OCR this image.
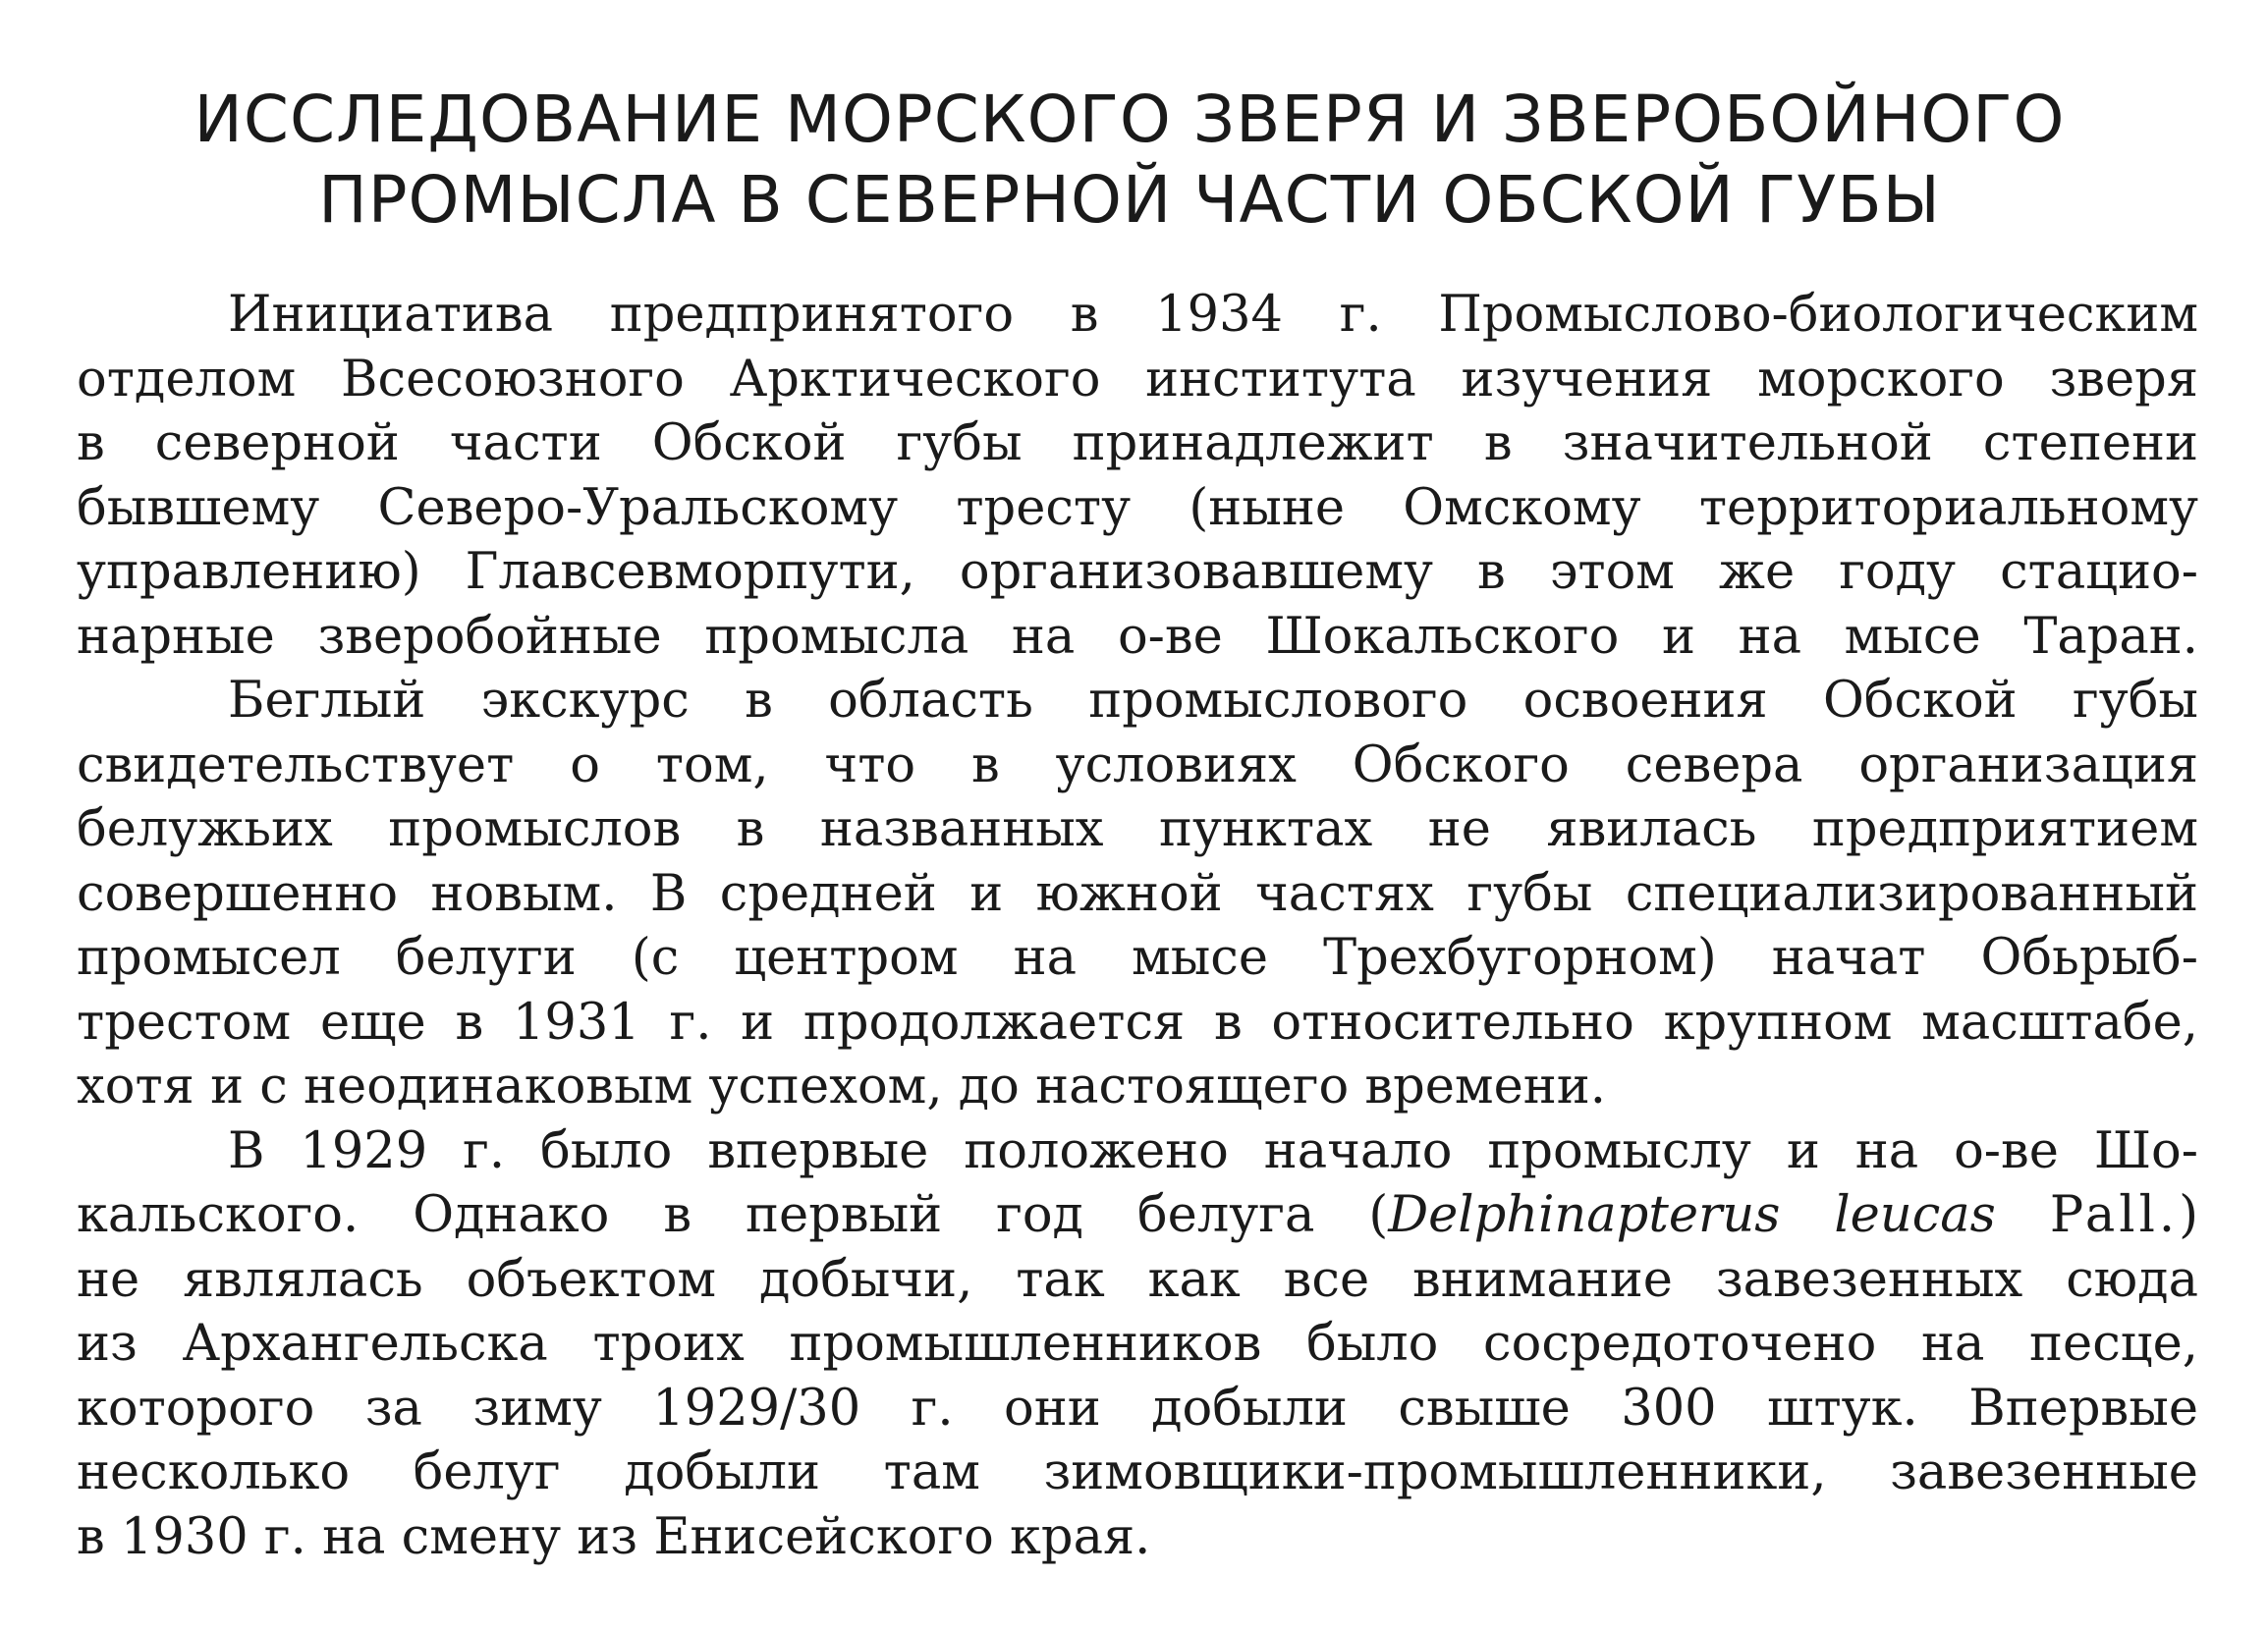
ИССЛЕДОВАНИЕ МОРСКОГО ЗВЕРЯ И ЗВЕРОБОЙНОГО
ПРОМЫСЛА В СЕВЕРНОЙ ЧАСТИ ОБСКОЙ ГУБЫ
Инициатива предпринятого в 1934 г. Промыслово-биологическим
отделом Всесоюзного Арктического института изучения морского зверя
в северной части Обской губы принадлежит в значительной степени
бывшему Северо-Уральскому тресту (ныне Омскому территориальному
управлению) Главсевморпути, организовавшему в этом же году стацио-
нарные зверобойные промысла на о-ве Шокальского и на мысе Таран.
Беглый экскурс в область промыслового освоения Обской губы
свидетельствует о том, что в условиях Обского севера организация
белужьих промыслов в названных пунктах не явилась предприятием
совершенно новым. В средней и южной частях губы специализированный
промысел белуги (с центром на мысе Трехбугорном) начат Обьрыб-
трестом еще в 1931 г. и продолжается в относительно крупном масштабе,
хотя и с неодинаковым успехом, до настоящего времени.
В 1929 г. было впервые положено начало промыслу и на о-ве Шо-
кальского. Однако в первый год белуга (Delphinapterus leucas Pall.)
не являлась объектом добычи, так как все внимание завезенных сюда
из Архангельска троих промышленников было сосредоточено на песце,
которого за зиму 1929/30 г. они добыли свыше 300 штук. Впервые
несколько белуг добыли там зимовщики-промышленники, завезенные
в 1930 г. на смену из Енисейского края.
